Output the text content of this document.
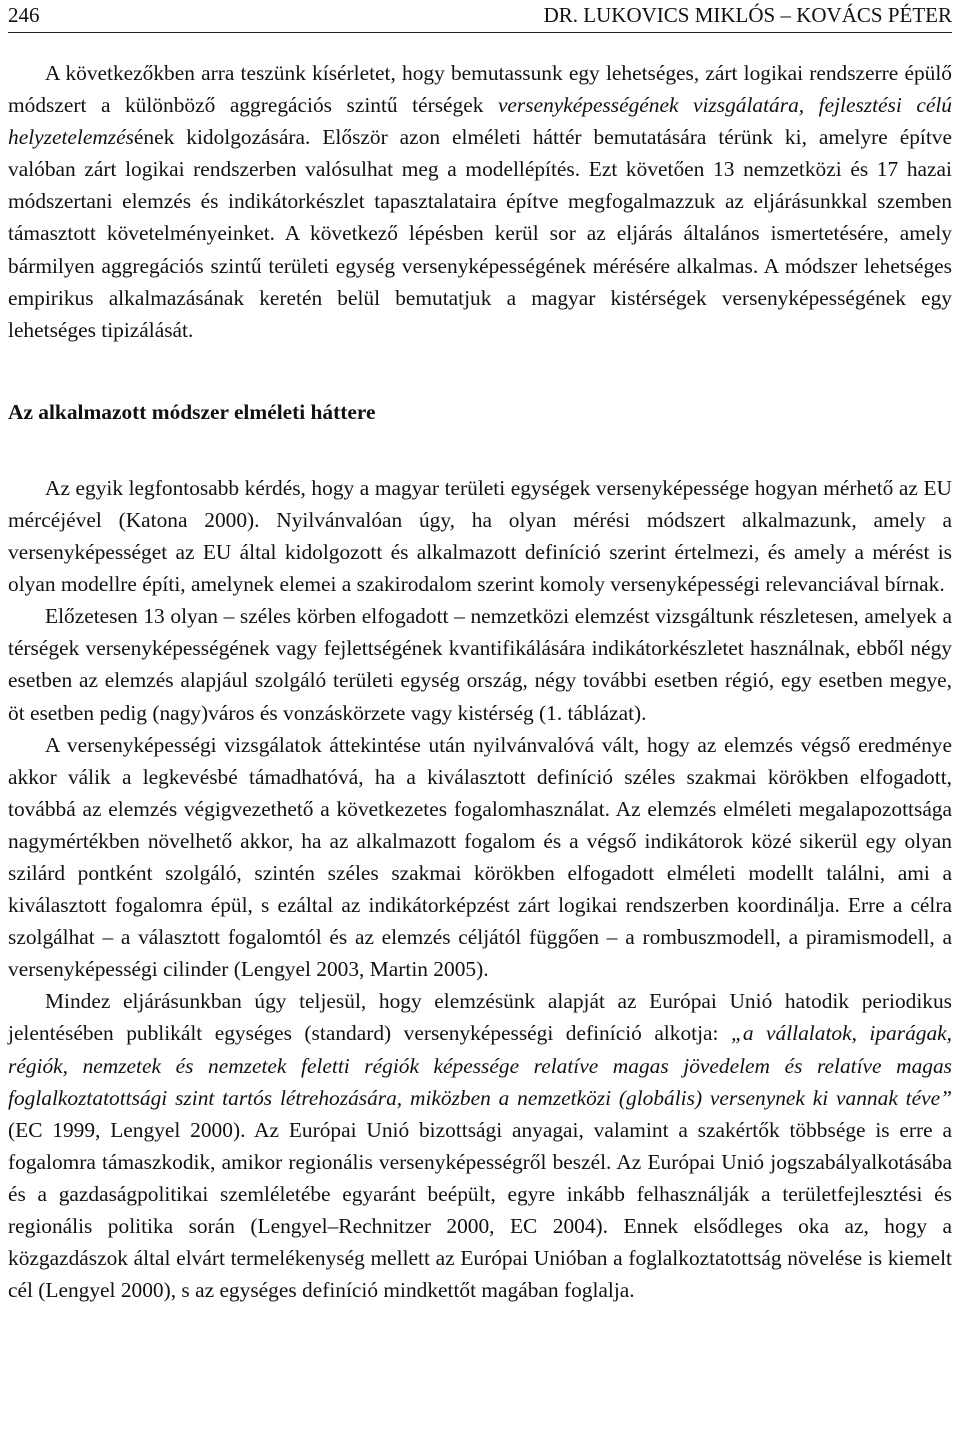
246	DR. LUKOVICS MIKLÓS – KOVÁCS PÉTER

A következőkben arra teszünk kísérletet, hogy bemutassunk egy lehetséges, zárt logikai rendszerre épülő módszert a különböző aggregációs szintű térségek versenyképességének vizsgálatára, fejlesztési célú helyzetelemzésének kidolgozására. Először azon elméleti háttér bemutatására térünk ki, amelyre építve valóban zárt logikai rendszerben valósulhat meg a modellépítés. Ezt követően 13 nemzetközi és 17 hazai módszertani elemzés és indikátorkészlet tapasztalataira építve megfogalmazzuk az eljárásunkkal szemben támasztott követelményeinket. A következő lépésben kerül sor az eljárás általános ismertetésére, amely bármilyen aggregációs szintű területi egység versenyképességének mérésére alkalmas. A módszer lehetséges empirikus alkalmazásának keretén belül bemutatjuk a magyar kistérségek versenyképességének egy lehetséges tipizálását.

Az alkalmazott módszer elméleti háttere

Az egyik legfontosabb kérdés, hogy a magyar területi egységek versenyképessége hogyan mérhető az EU mércéjével (Katona 2000). Nyilvánvalóan úgy, ha olyan mérési módszert alkalmazunk, amely a versenyképességet az EU által kidolgozott és alkalmazott definíció szerint értelmezi, és amely a mérést is olyan modellre építi, amelynek elemei a szakirodalom szerint komoly versenyképességi relevanciával bírnak.

Előzetesen 13 olyan – széles körben elfogadott – nemzetközi elemzést vizsgáltunk részletesen, amelyek a térségek versenyképességének vagy fejlettségének kvantifikálására indikátorkészletet használnak, ebből négy esetben az elemzés alapjául szolgáló területi egység ország, négy további esetben régió, egy esetben megye, öt esetben pedig (nagy)város és vonzáskörzete vagy kistérség (1. táblázat).

A versenyképességi vizsgálatok áttekintése után nyilvánvalóvá vált, hogy az elemzés végső eredménye akkor válik a legkevésbé támadhatóvá, ha a kiválasztott definíció széles szakmai körökben elfogadott, továbbá az elemzés végigvezethető a következetes fogalomhasználat. Az elemzés elméleti megalapozottsága nagymértékben növelhető akkor, ha az alkalmazott fogalom és a végső indikátorok közé sikerül egy olyan szilárd pontként szolgáló, szintén széles szakmai körökben elfogadott elméleti modellt találni, ami a kiválasztott fogalomra épül, s ezáltal az indikátorképzést zárt logikai rendszerben koordinálja. Erre a célra szolgálhat – a választott fogalomtól és az elemzés céljától függően – a rombuszmodell, a piramismodell, a versenyképességi cilinder (Lengyel 2003, Martin 2005).

Mindez eljárásunkban úgy teljesül, hogy elemzésünk alapját az Európai Unió hatodik periodikus jelentésében publikált egységes (standard) versenyképességi definíció alkotja: „a vállalatok, iparágak, régiók, nemzetek és nemzetek feletti régiók képessége relatíve magas jövedelem és relatíve magas foglalkoztatottsági szint tartós létrehozására, miközben a nemzetközi (globális) versenynek ki vannak téve” (EC 1999, Lengyel 2000). Az Európai Unió bizottsági anyagai, valamint a szakértők többsége is erre a fogalomra támaszkodik, amikor regionális versenyképességről beszél. Az Európai Unió jogszabályalkotásába és a gazdaságpolitikai szemléletébe egyaránt beépült, egyre inkább felhasználják a területfejlesztési és regionális politika során (Lengyel–Rechnitzer 2000, EC 2004). Ennek elsődleges oka az, hogy a közgazdászok által elvárt termelékenység mellett az Európai Unióban a foglalkoztatottság növelése is kiemelt cél (Lengyel 2000), s az egységes definíció mindkettőt magában foglalja.
